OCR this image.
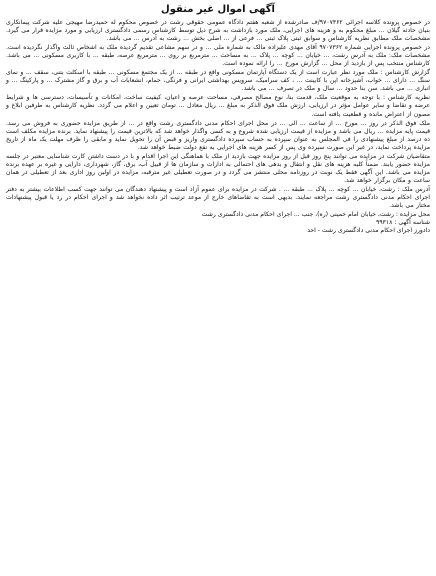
آگهی اموال غیر منقول

در خصوص پرونده کلاسه اجرائی ۹۷۰۷۳۶۲/ف صادرشده از شعبه هفتم دادگاه عمومی حقوقی رشت در خصوص محکوم له حمیدرضا مهیجی علیه شرکت پیمانکاری بنیان حادثه گیلان ... مبلغ محکوم به و هزینه های اجرایی، ملک مورد بازداشت به شرح ذیل توسط کارشناس رسمی دادگستری ارزیابی و مورد مزایده قرار می گیرد. مشخصات ملک مطابق نظریه کارشناس و سوابق ثبتی پلاک ثبتی ... فرعی از ... اصلی بخش ... رشت به آدرس ... می باشد.

در خصوص پرونده اجرایی شماره ۹۷۰۷۳۶۲ آقای مهدی علیزاده مالک به شماره ملی ... و در سهم مشاعی تقدیم گردیده ملک به اشخاص ثالث واگذار نگردیده است. مشخصات ملک: ملک به آدرس رشت، ... خیابان ... کوچه ... پلاک ... به مساحت ... مترمربع بر روی ... مترمربع عرصه، طبقه ... با کاربری مسکونی ... می باشد. کارشناس منتخب پس از بازدید از محل ... گزارش مورخ ... را ارائه نموده است.

گزارش کارشناس : ملک مورد نظر عبارت است از یک دستگاه آپارتمان مسکونی واقع در طبقه ... از یک مجتمع مسکونی ... طبقه با اسکلت بتنی، سقف ... و نمای سنگ ... دارای ... خواب، آشپزخانه اپن با کابینت ... ، کف سرامیک، سرویس بهداشتی ایرانی و فرنگی، حمام، انشعابات آب و برق و گاز مشترک ... و پارکینگ ... و انباری ... می باشد. سن بنا حدود ... سال و ملک در تصرف ... می باشد.

نظریه کارشناس : با توجه به موقعیت ملک، قدمت بنا، نوع مصالح مصرفی، مساحت عرصه و اعیان، کیفیت ساخت، امکانات و تأسیسات، دسترسی ها و شرایط عرضه و تقاضا و سایر عوامل مؤثر در ارزیابی، ارزش ملک فوق الذکر به مبلغ ... ریال معادل ... تومان تعیین و اعلام می گردد. نظریه کارشناس به طرفین ابلاغ و مصون از اعتراض مانده و قطعیت یافته است.

ملک فوق الذکر در روز ... مورخ ... از ساعت ... الی ... در محل اجرای احکام مدنی دادگستری رشت واقع در ... از طریق مزایده حضوری به فروش می رسد. قیمت پایه مزایده ... ریال می باشد و مزایده از قیمت ارزیابی شده شروع و به کسی واگذار خواهد شد که بالاترین قیمت را پیشنهاد نماید. برنده مزایده مکلف است ده درصد از مبلغ پیشنهادی را فی المجلس به عنوان سپرده به حساب سپرده دادگستری واریز و قبض آن را تحویل نماید و مابقی را ظرف مهلت یک ماه از تاریخ مزایده پرداخت نماید، در غیر این صورت سپرده وی پس از کسر هزینه های اجرایی به نفع دولت ضبط خواهد شد.

متقاضیان شرکت در مزایده می توانند پنج روز قبل از روز مزایده جهت بازدید از ملک با هماهنگی این اجرا اقدام و با در دست داشتن کارت شناسایی معتبر در جلسه مزایده حضور یابند. ضمناً کلیه هزینه های نقل و انتقال و بدهی های احتمالی به ادارات و سازمان ها از قبیل آب، برق، گاز، شهرداری، دارایی و غیره بر عهده برنده مزایده می باشد. این آگهی فقط یک نوبت در روزنامه محلی منتشر می گردد و در صورت تعطیلی غیر مترقبه، مزایده در اولین روز اداری بعد از تعطیلی در همان ساعت و مکان برگزار خواهد شد.

آدرس ملک : رشت، خیابان ... کوچه ... پلاک ... طبقه ... . شرکت در مزایده برای عموم آزاد است و پیشنهاد دهندگان می توانند جهت کسب اطلاعات بیشتر به دفتر اجرای احکام مدنی دادگستری رشت مراجعه نمایند. بدیهی است به تقاضاهای خارج از موعد ترتیب اثر داده نخواهد شد و اجرای احکام در رد یا قبول پیشنهادات مختار می باشد.

محل مزایده : رشت، خیابان امام خمینی (ره)، جنب ... اجرای احکام مدنی دادگستری رشت
شناسه آگهی : ۹۹۳۱۸
دادورز اجرای احکام مدنی دادگستری رشت - احد
